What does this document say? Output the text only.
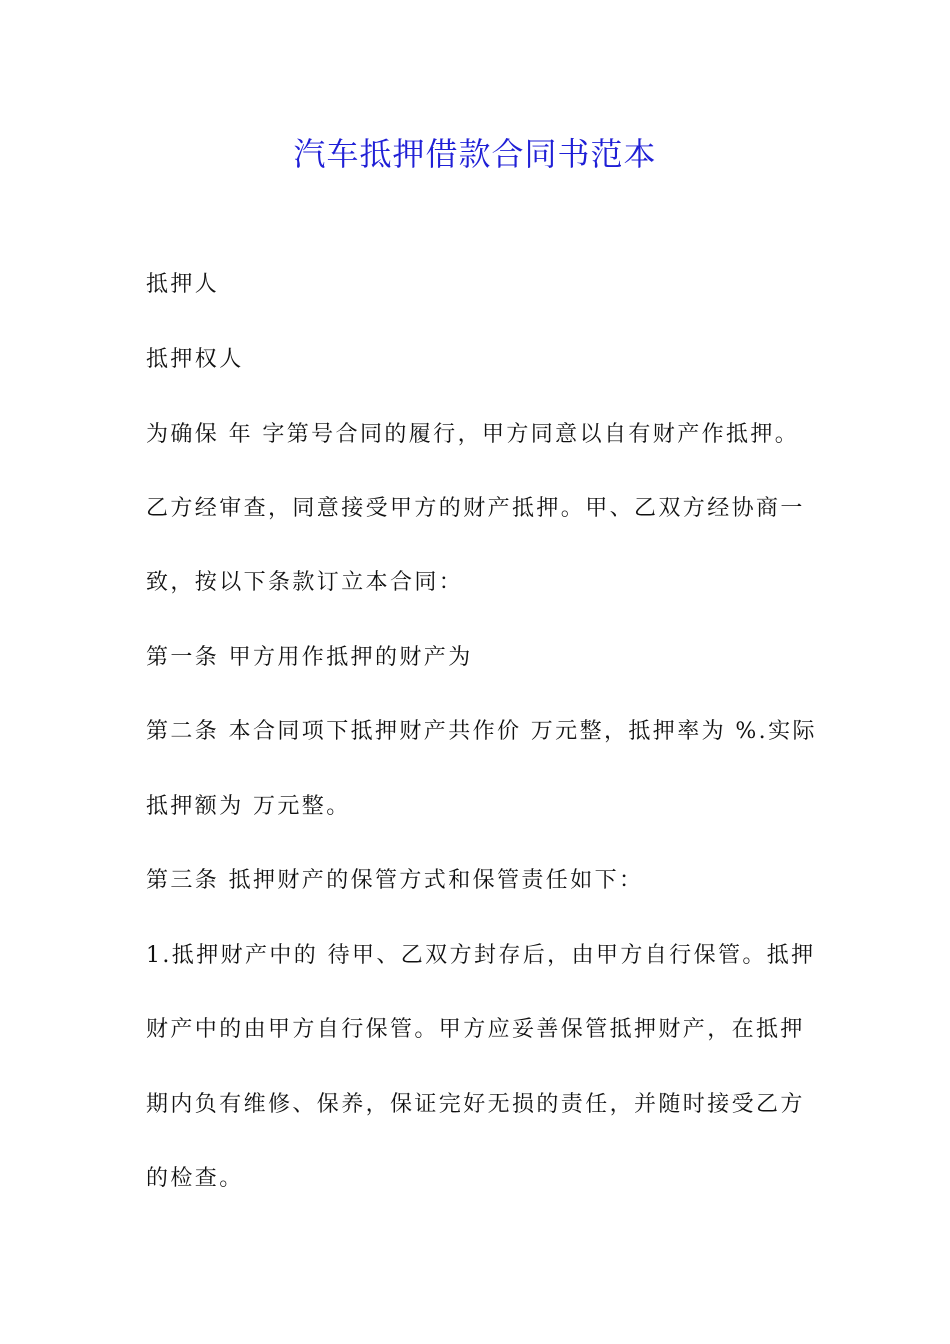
汽车抵押借款合同书范本
抵押人
抵押权人
为确保 年 字第号合同的履行，甲方同意以自有财产作抵押。
乙方经审查，同意接受甲方的财产抵押。甲、乙双方经协商一
致，按以下条款订立本合同：
第一条 甲方用作抵押的财产为
第二条 本合同项下抵押财产共作价 万元整，抵押率为 %.实际
抵押额为 万元整。
第三条 抵押财产的保管方式和保管责任如下：
1.抵押财产中的 待甲、乙双方封存后，由甲方自行保管。抵押
财产中的由甲方自行保管。甲方应妥善保管抵押财产，在抵押
期内负有维修、保养，保证完好无损的责任，并随时接受乙方
的检查。
